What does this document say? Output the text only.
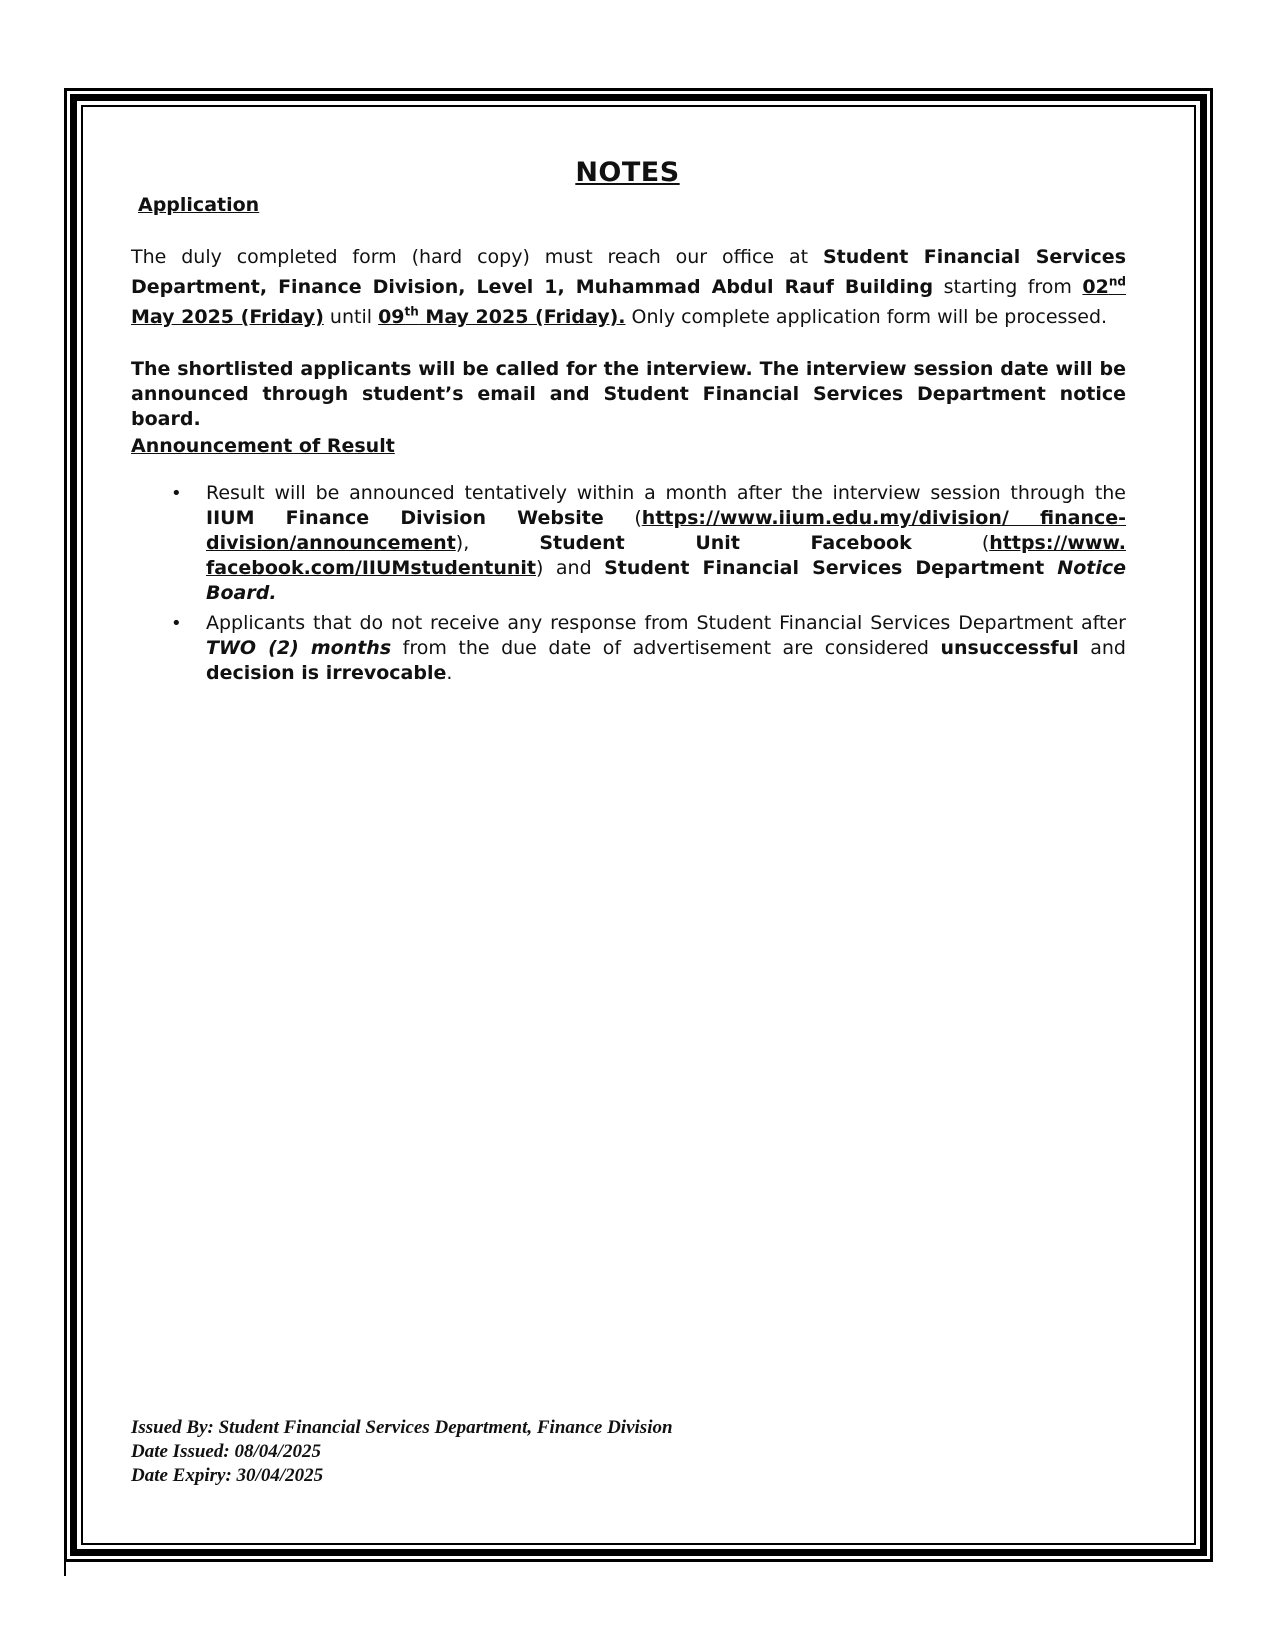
NOTES
Application

The duly completed form (hard copy) must reach our office at Student Financial Services Department, Finance Division, Level 1, Muhammad Abdul Rauf Building starting from 02nd May 2025 (Friday) until 09th May 2025 (Friday). Only complete application form will be processed.

The shortlisted applicants will be called for the interview. The interview session date will be announced through student’s email and Student Financial Services Department notice board.

Announcement of Result
• Result will be announced tentatively within a month after the interview session through the IIUM Finance Division Website (https://www.iium.edu.my/division/ finance-division/announcement), Student Unit Facebook (https://www. facebook.com/IIUMstudentunit) and Student Financial Services Department Notice Board.
• Applicants that do not receive any response from Student Financial Services Department after TWO (2) months from the due date of advertisement are considered unsuccessful and decision is irrevocable.
Issued By: Student Financial Services Department, Finance Division
Date Issued: 08/04/2025
Date Expiry: 30/04/2025
